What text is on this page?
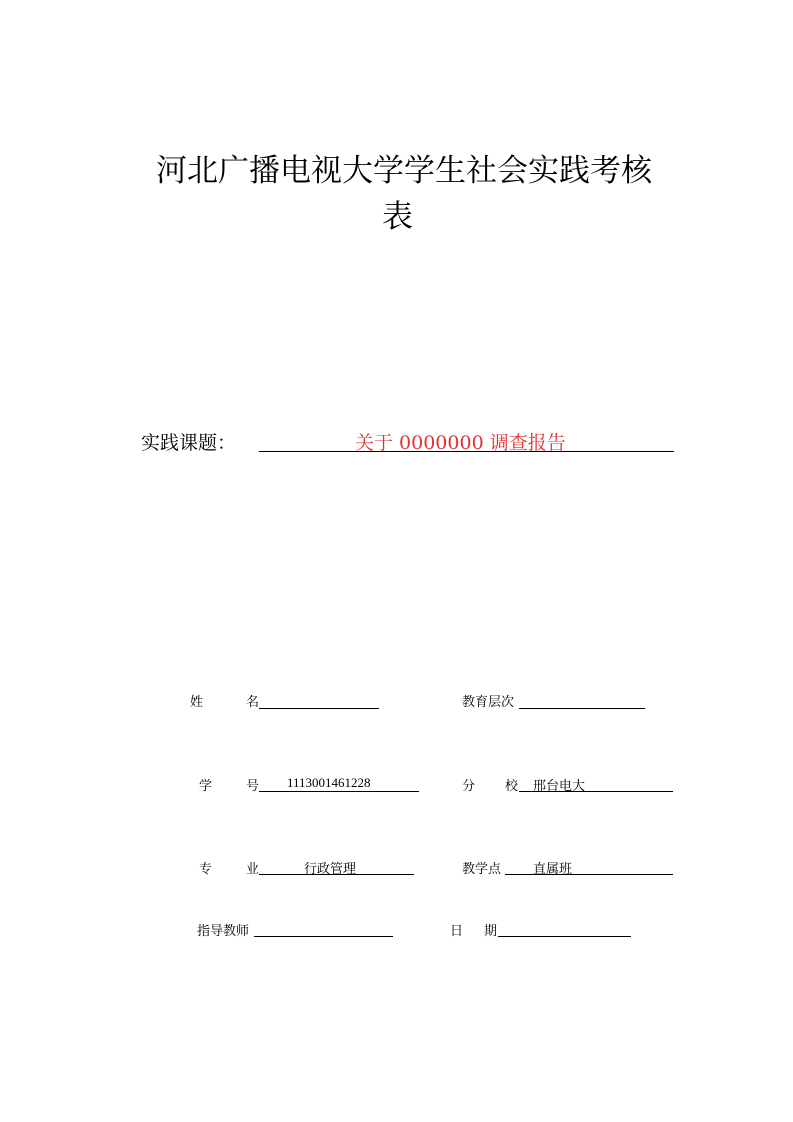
河北广播电视大学学生社会实践考核
表
实践课题：	关于 0000000 调查报告
姓	名	教育层次
学	号 1113001461228	分 校 邢台电大
专	业	行政管理	教学点 直属班
指导教师	日 期
